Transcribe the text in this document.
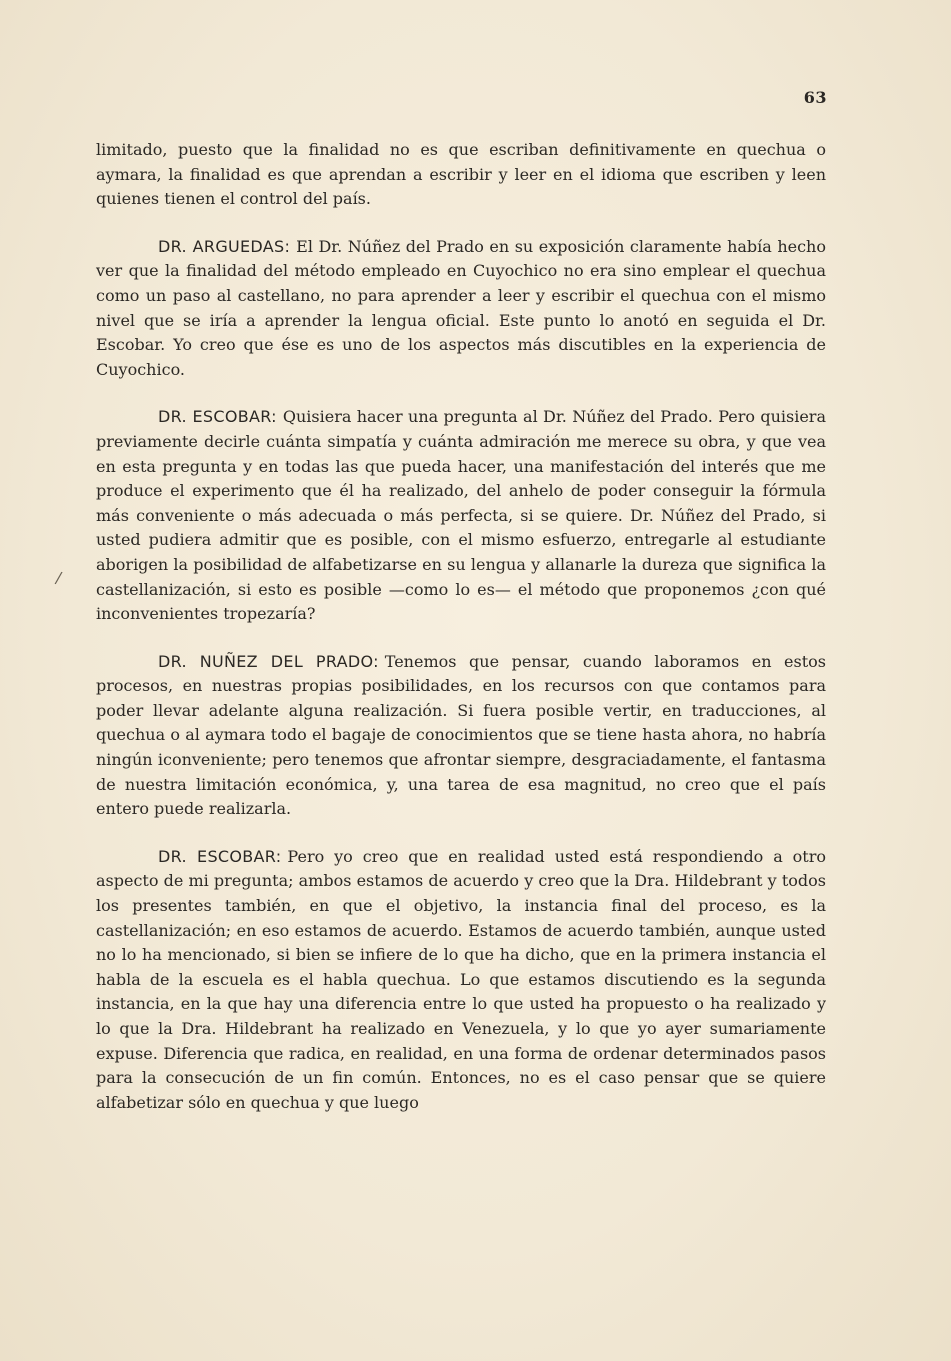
63
/

limitado, puesto que la finalidad no es que escriban definitivamente en quechua o aymara, la finalidad es que aprendan a escribir y leer en el idioma que escriben y leen quienes tienen el control del país.

DR. ARGUEDAS: El Dr. Núñez del Prado en su exposición claramente había hecho ver que la finalidad del método empleado en Cuyochico no era sino emplear el quechua como un paso al castellano, no para aprender a leer y escribir el quechua con el mismo nivel que se iría a aprender la lengua oficial. Este punto lo anotó en seguida el Dr. Escobar. Yo creo que ése es uno de los aspectos más discutibles en la experiencia de Cuyochico.

DR. ESCOBAR: Quisiera hacer una pregunta al Dr. Núñez del Prado. Pero quisiera previamente decirle cuánta simpatía y cuánta admiración me merece su obra, y que vea en esta pregunta y en todas las que pueda hacer, una manifestación del interés que me produce el experimento que él ha realizado, del anhelo de poder conseguir la fórmula más conveniente o más adecuada o más perfecta, si se quiere. Dr. Núñez del Prado, si usted pudiera admitir que es posible, con el mismo esfuerzo, entregarle al estudiante aborigen la posibilidad de alfabetizarse en su lengua y allanarle la dureza que significa la castellanización, si esto es posible —como lo es— el método que proponemos ¿con qué inconvenientes tropezaría?

DR. NUÑEZ DEL PRADO: Tenemos que pensar, cuando laboramos en estos procesos, en nuestras propias posibilidades, en los recursos con que contamos para poder llevar adelante alguna realización. Si fuera posible vertir, en traducciones, al quechua o al aymara todo el bagaje de conocimientos que se tiene hasta ahora, no habría ningún iconveniente; pero tenemos que afrontar siempre, desgraciadamente, el fantasma de nuestra limitación económica, y, una tarea de esa magnitud, no creo que el país entero puede realizarla.

DR. ESCOBAR: Pero yo creo que en realidad usted está respondiendo a otro aspecto de mi pregunta; ambos estamos de acuerdo y creo que la Dra. Hildebrant y todos los presentes también, en que el objetivo, la instancia final del proceso, es la castellanización; en eso estamos de acuerdo. Estamos de acuerdo también, aunque usted no lo ha mencionado, si bien se infiere de lo que ha dicho, que en la primera instancia el habla de la escuela es el habla quechua. Lo que estamos discutiendo es la segunda instancia, en la que hay una diferencia entre lo que usted ha propuesto o ha realizado y lo que la Dra. Hildebrant ha realizado en Venezuela, y lo que yo ayer sumariamente expuse. Diferencia que radica, en realidad, en una forma de ordenar determinados pasos para la consecución de un fin común. Entonces, no es el caso pensar que se quiere alfabetizar sólo en quechua y que luego
